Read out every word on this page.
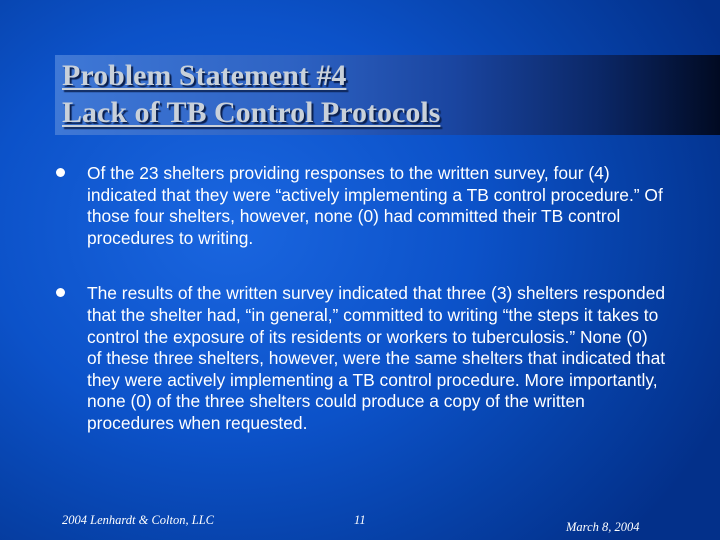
Problem Statement #4
Lack of TB Control Protocols
Of the 23 shelters providing responses to the written survey, four (4) indicated that they were “actively implementing a TB control procedure.” Of those four shelters, however, none (0) had committed their TB control procedures to writing.
The results of the written survey indicated that three (3) shelters responded that the shelter had, “in general,” committed to writing “the steps it takes to control the exposure of its residents or workers to tuberculosis.” None (0) of these three shelters, however, were the same shelters that indicated that they were actively implementing a TB control procedure. More importantly, none (0) of the three shelters could produce a copy of the written procedures when requested.
2004 Lenhardt & Colton, LLC	11	March 8, 2004
